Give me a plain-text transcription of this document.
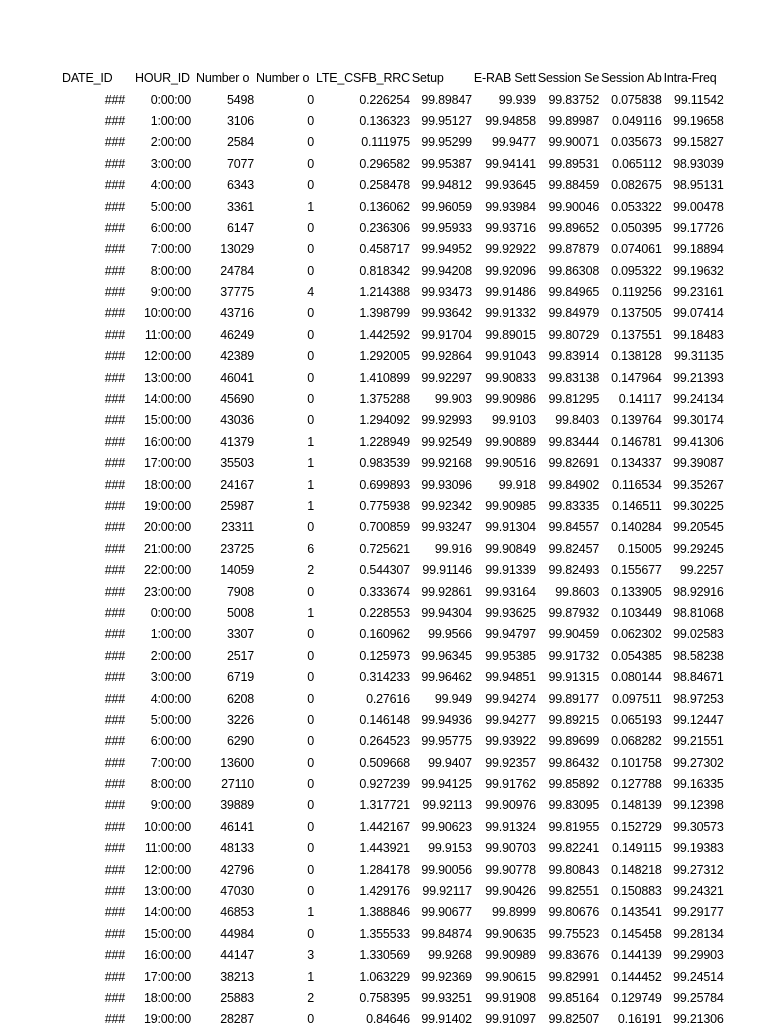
DATE_ID	HOUR_ID	Number o	Number o	LTE_CSFB_RRC	Setup	E-RAB Sett	Session Se	Session Ab	Intra-Freq
###	0:00:00	5498	0	0.226254	99.89847	99.939	99.83752	0.075838	99.11542
###	1:00:00	3106	0	0.136323	99.95127	99.94858	99.89987	0.049116	99.19658
###	2:00:00	2584	0	0.111975	99.95299	99.9477	99.90071	0.035673	99.15827
###	3:00:00	7077	0	0.296582	99.95387	99.94141	99.89531	0.065112	98.93039
###	4:00:00	6343	0	0.258478	99.94812	99.93645	99.88459	0.082675	98.95131
###	5:00:00	3361	1	0.136062	99.96059	99.93984	99.90046	0.053322	99.00478
###	6:00:00	6147	0	0.236306	99.95933	99.93716	99.89652	0.050395	99.17726
###	7:00:00	13029	0	0.458717	99.94952	99.92922	99.87879	0.074061	99.18894
###	8:00:00	24784	0	0.818342	99.94208	99.92096	99.86308	0.095322	99.19632
###	9:00:00	37775	4	1.214388	99.93473	99.91486	99.84965	0.119256	99.23161
###	10:00:00	43716	0	1.398799	99.93642	99.91332	99.84979	0.137505	99.07414
###	11:00:00	46249	0	1.442592	99.91704	99.89015	99.80729	0.137551	99.18483
###	12:00:00	42389	0	1.292005	99.92864	99.91043	99.83914	0.138128	99.31135
###	13:00:00	46041	0	1.410899	99.92297	99.90833	99.83138	0.147964	99.21393
###	14:00:00	45690	0	1.375288	99.903	99.90986	99.81295	0.14117	99.24134
###	15:00:00	43036	0	1.294092	99.92993	99.9103	99.8403	0.139764	99.30174
###	16:00:00	41379	1	1.228949	99.92549	99.90889	99.83444	0.146781	99.41306
###	17:00:00	35503	1	0.983539	99.92168	99.90516	99.82691	0.134337	99.39087
###	18:00:00	24167	1	0.699893	99.93096	99.918	99.84902	0.116534	99.35267
###	19:00:00	25987	1	0.775938	99.92342	99.90985	99.83335	0.146511	99.30225
###	20:00:00	23311	0	0.700859	99.93247	99.91304	99.84557	0.140284	99.20545
###	21:00:00	23725	6	0.725621	99.916	99.90849	99.82457	0.15005	99.29245
###	22:00:00	14059	2	0.544307	99.91146	99.91339	99.82493	0.155677	99.2257
###	23:00:00	7908	0	0.333674	99.92861	99.93164	99.8603	0.133905	98.92916
###	0:00:00	5008	1	0.228553	99.94304	99.93625	99.87932	0.103449	98.81068
###	1:00:00	3307	0	0.160962	99.9566	99.94797	99.90459	0.062302	99.02583
###	2:00:00	2517	0	0.125973	99.96345	99.95385	99.91732	0.054385	98.58238
###	3:00:00	6719	0	0.314233	99.96462	99.94851	99.91315	0.080144	98.84671
###	4:00:00	6208	0	0.27616	99.949	99.94274	99.89177	0.097511	98.97253
###	5:00:00	3226	0	0.146148	99.94936	99.94277	99.89215	0.065193	99.12447
###	6:00:00	6290	0	0.264523	99.95775	99.93922	99.89699	0.068282	99.21551
###	7:00:00	13600	0	0.509668	99.9407	99.92357	99.86432	0.101758	99.27302
###	8:00:00	27110	0	0.927239	99.94125	99.91762	99.85892	0.127788	99.16335
###	9:00:00	39889	0	1.317721	99.92113	99.90976	99.83095	0.148139	99.12398
###	10:00:00	46141	0	1.442167	99.90623	99.91324	99.81955	0.152729	99.30573
###	11:00:00	48133	0	1.443921	99.9153	99.90703	99.82241	0.149115	99.19383
###	12:00:00	42796	0	1.284178	99.90056	99.90778	99.80843	0.148218	99.27312
###	13:00:00	47030	0	1.429176	99.92117	99.90426	99.82551	0.150883	99.24321
###	14:00:00	46853	1	1.388846	99.90677	99.8999	99.80676	0.143541	99.29177
###	15:00:00	44984	0	1.355533	99.84874	99.90635	99.75523	0.145458	99.28134
###	16:00:00	44147	3	1.330569	99.9268	99.90989	99.83676	0.144139	99.29903
###	17:00:00	38213	1	1.063229	99.92369	99.90615	99.82991	0.144452	99.24514
###	18:00:00	25883	2	0.758395	99.93251	99.91908	99.85164	0.129749	99.25784
###	19:00:00	28287	0	0.84646	99.91402	99.91097	99.82507	0.16191	99.21306
